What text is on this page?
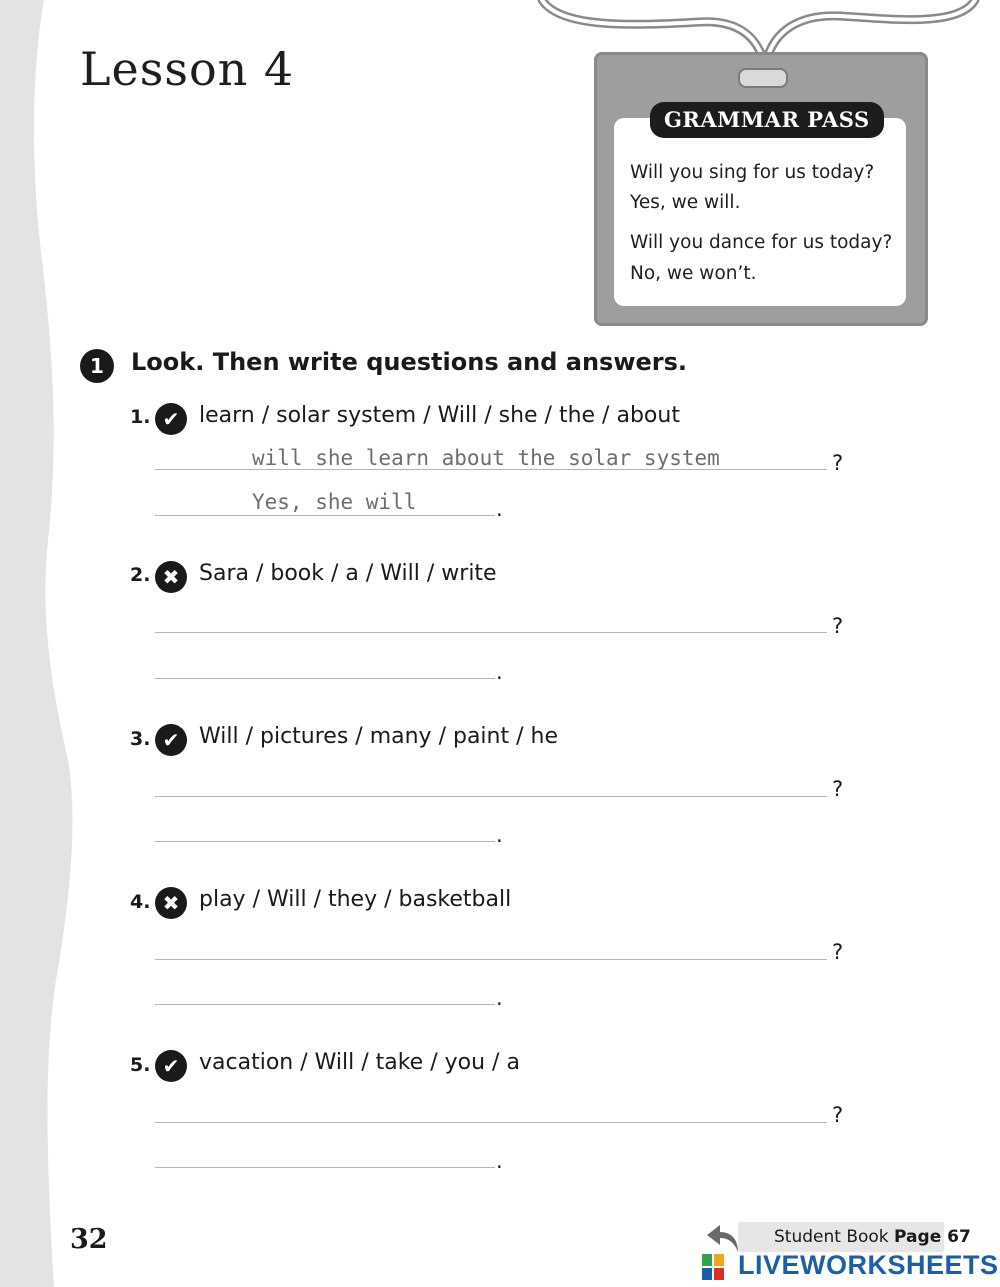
Lesson 4
GRAMMAR PASS
Will you sing for us today?
Yes, we will.
Will you dance for us today?
No, we won’t.
1	Look. Then write questions and answers.
1. ✔ learn / solar system / Will / she / the / about
will she learn about the solar system	?
Yes, she will	.
2. ✖ Sara / book / a / Will / write
?
.
3. ✔ Will / pictures / many / paint / he
?
.
4. ✖ play / Will / they / basketball
?
.
5. ✔ vacation / Will / take / you / a
?
.
32	Student Book Page 67
LIVEWORKSHEETS
